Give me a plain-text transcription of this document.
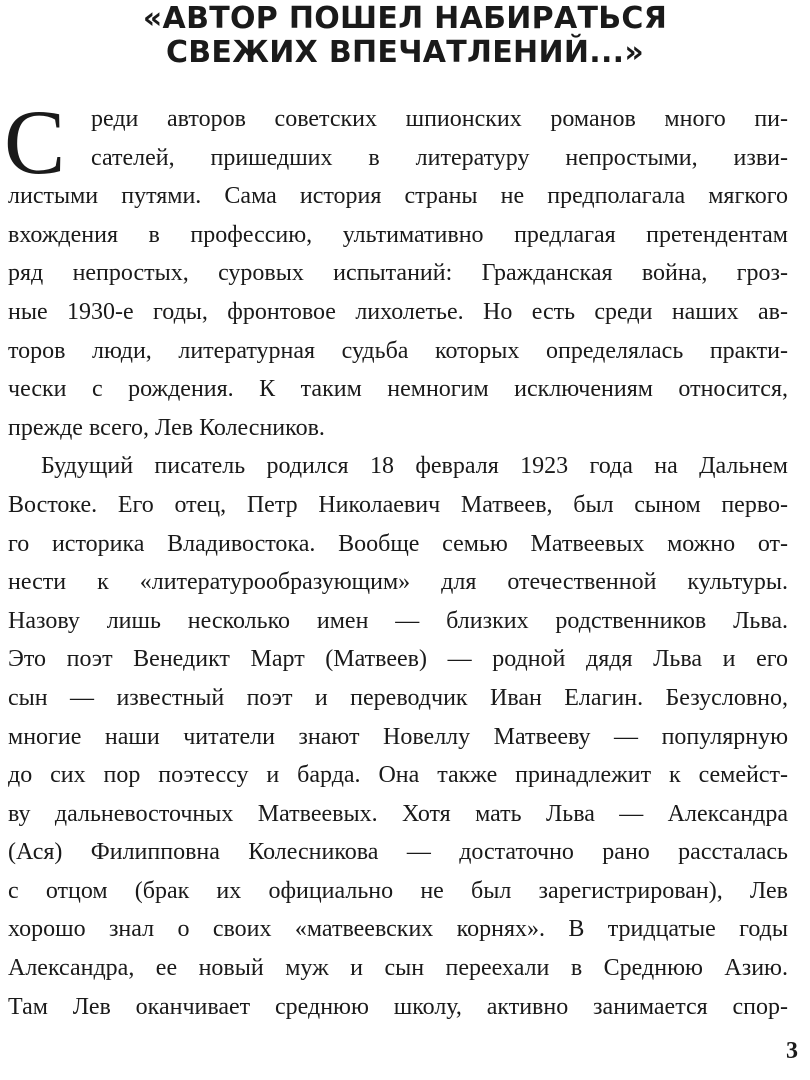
«АВТОР ПОШЕЛ НАБИРАТЬСЯ
СВЕЖИХ ВПЕЧАТЛЕНИЙ...»
С	реди авторов советских шпионских романов много пи-
сателей, пришедших в литературу непростыми, изви-
листыми путями. Сама история страны не предполагала мягкого
вхождения в профессию, ультимативно предлагая претендентам
ряд непростых, суровых испытаний: Гражданская война, гроз-
ные 1930-е годы, фронтовое лихолетье. Но есть среди наших ав-
торов люди, литературная судьба которых определялась практи-
чески с рождения. К таким немногим исключениям относится,
прежде всего, Лев Колесников.
Будущий писатель родился 18 февраля 1923 года на Дальнем
Востоке. Его отец, Петр Николаевич Матвеев, был сыном перво-
го историка Владивостока. Вообще семью Матвеевых можно от-
нести к «литературообразующим» для отечественной культуры.
Назову лишь несколько имен — близких родственников Льва.
Это поэт Венедикт Март (Матвеев) — родной дядя Льва и его
сын — известный поэт и переводчик Иван Елагин. Безусловно,
многие наши читатели знают Новеллу Матвееву — популярную
до сих пор поэтессу и барда. Она также принадлежит к семейст-
ву дальневосточных Матвеевых. Хотя мать Льва — Александра
(Ася) Филипповна Колесникова — достаточно рано рассталась
с отцом (брак их официально не был зарегистрирован), Лев
хорошо знал о своих «матвеевских корнях». В тридцатые годы
Александра, ее новый муж и сын переехали в Среднюю Азию.
Там Лев оканчивает среднюю школу, активно занимается спор-
3
